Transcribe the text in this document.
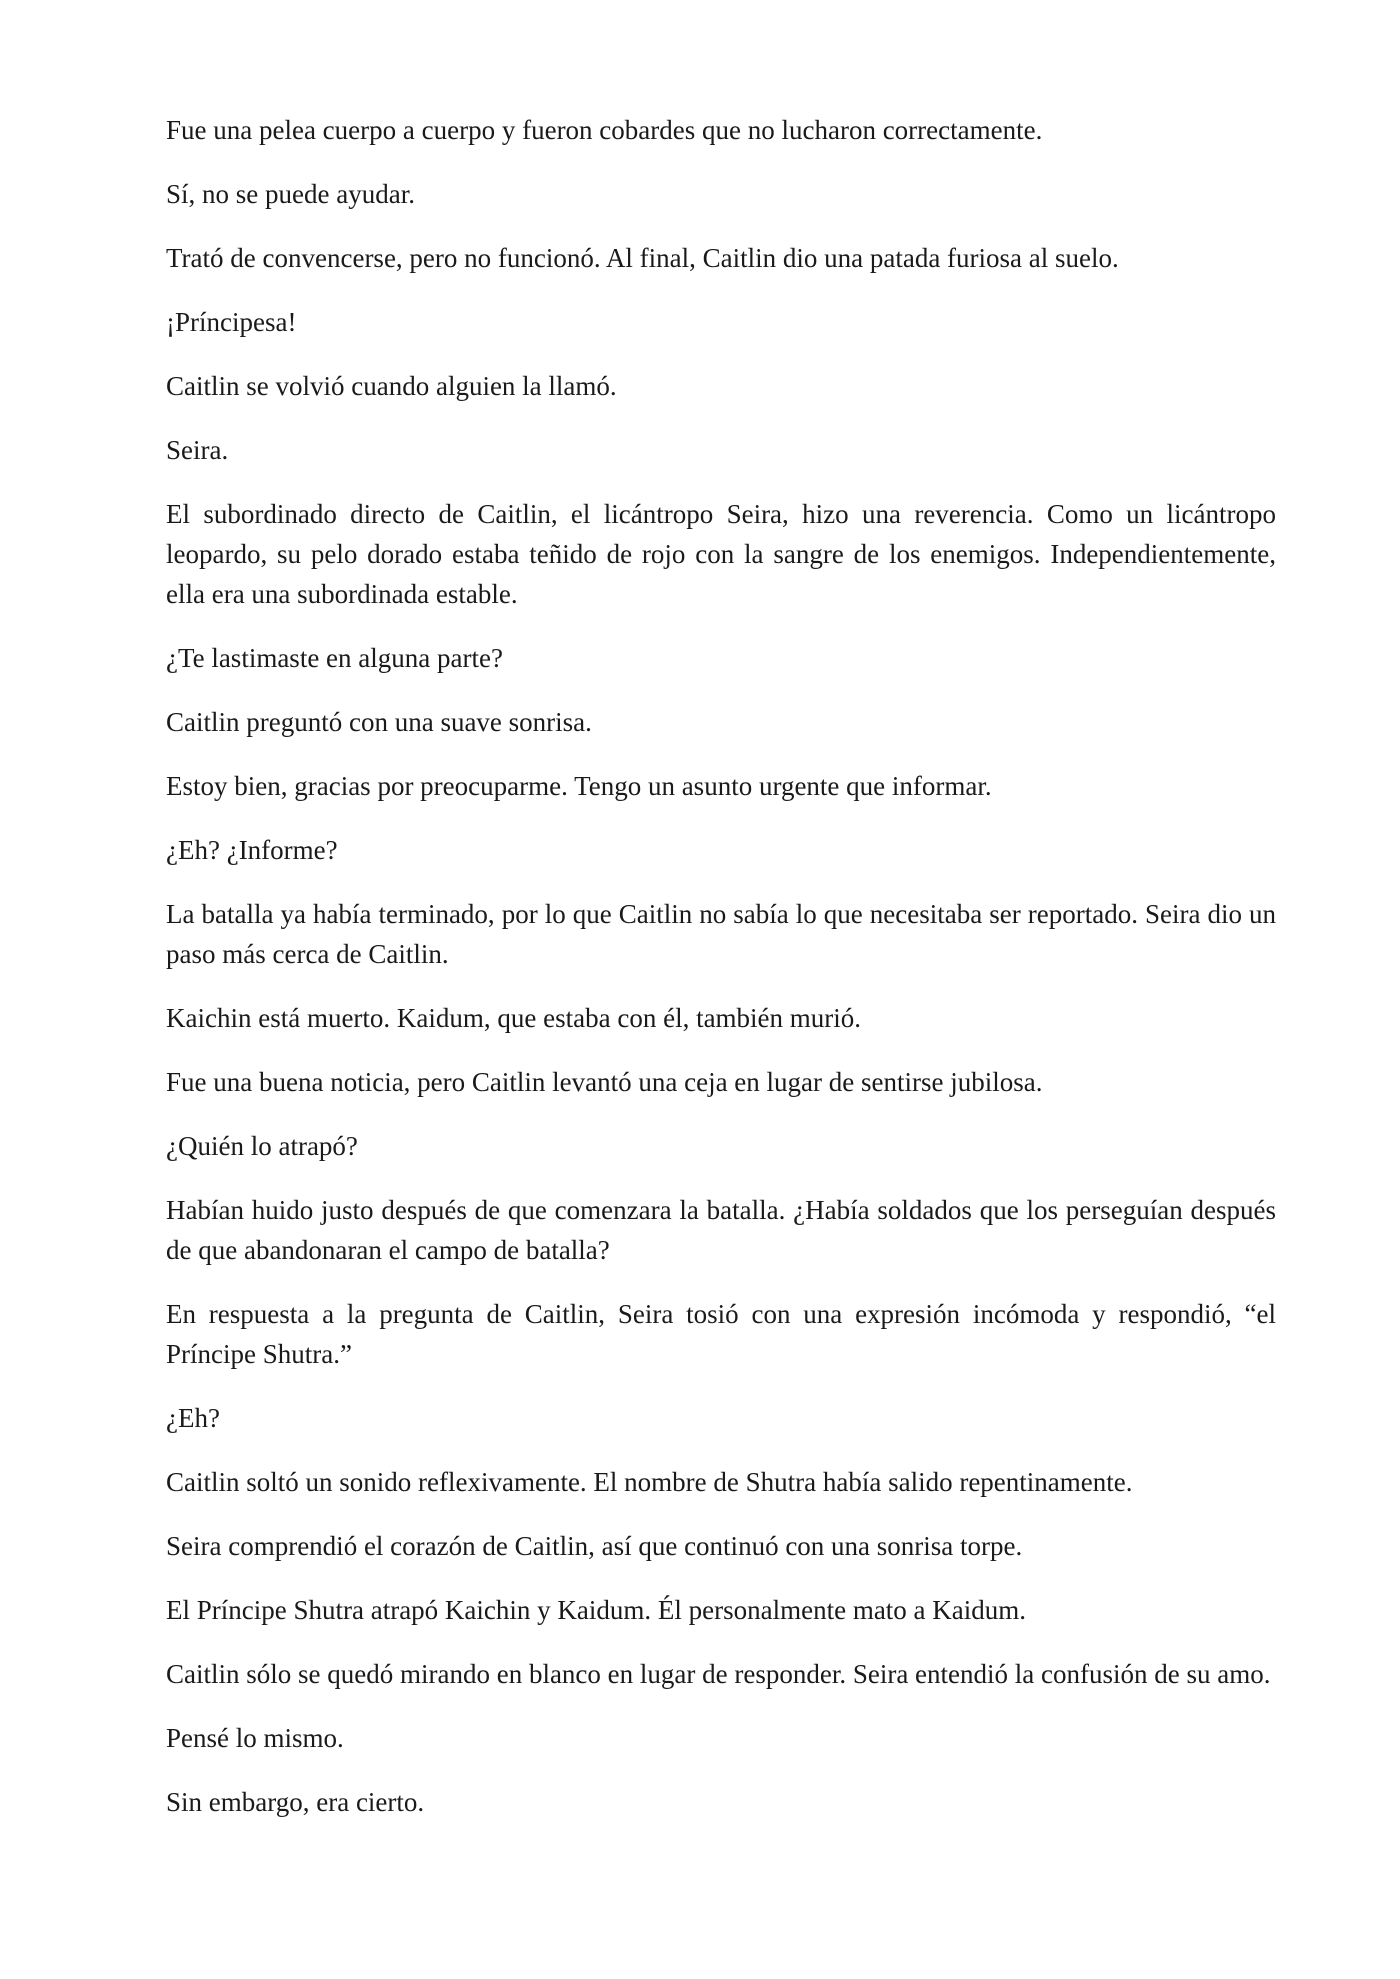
Fue una pelea cuerpo a cuerpo y fueron cobardes que no lucharon correctamente.

Sí, no se puede ayudar.

Trató de convencerse, pero no funcionó. Al final, Caitlin dio una patada furiosa al suelo.

¡Príncipesa!

Caitlin se volvió cuando alguien la llamó.

Seira.

El subordinado directo de Caitlin, el licántropo Seira, hizo una reverencia. Como un licántropo leopardo, su pelo dorado estaba teñido de rojo con la sangre de los enemigos. Independientemente, ella era una subordinada estable.

¿Te lastimaste en alguna parte?

Caitlin preguntó con una suave sonrisa.

Estoy bien, gracias por preocuparme. Tengo un asunto urgente que informar.

¿Eh? ¿Informe?

La batalla ya había terminado, por lo que Caitlin no sabía lo que necesitaba ser reportado. Seira dio un paso más cerca de Caitlin.

Kaichin está muerto. Kaidum, que estaba con él, también murió.

Fue una buena noticia, pero Caitlin levantó una ceja en lugar de sentirse jubilosa.

¿Quién lo atrapó?

Habían huido justo después de que comenzara la batalla. ¿Había soldados que los perseguían después de que abandonaran el campo de batalla?

En respuesta a la pregunta de Caitlin, Seira tosió con una expresión incómoda y respondió, “el Príncipe Shutra.”

¿Eh?

Caitlin soltó un sonido reflexivamente. El nombre de Shutra había salido repentinamente.

Seira comprendió el corazón de Caitlin, así que continuó con una sonrisa torpe.

El Príncipe Shutra atrapó Kaichin y Kaidum. Él personalmente mato a Kaidum.

Caitlin sólo se quedó mirando en blanco en lugar de responder. Seira entendió la confusión de su amo.

Pensé lo mismo.

Sin embargo, era cierto.
